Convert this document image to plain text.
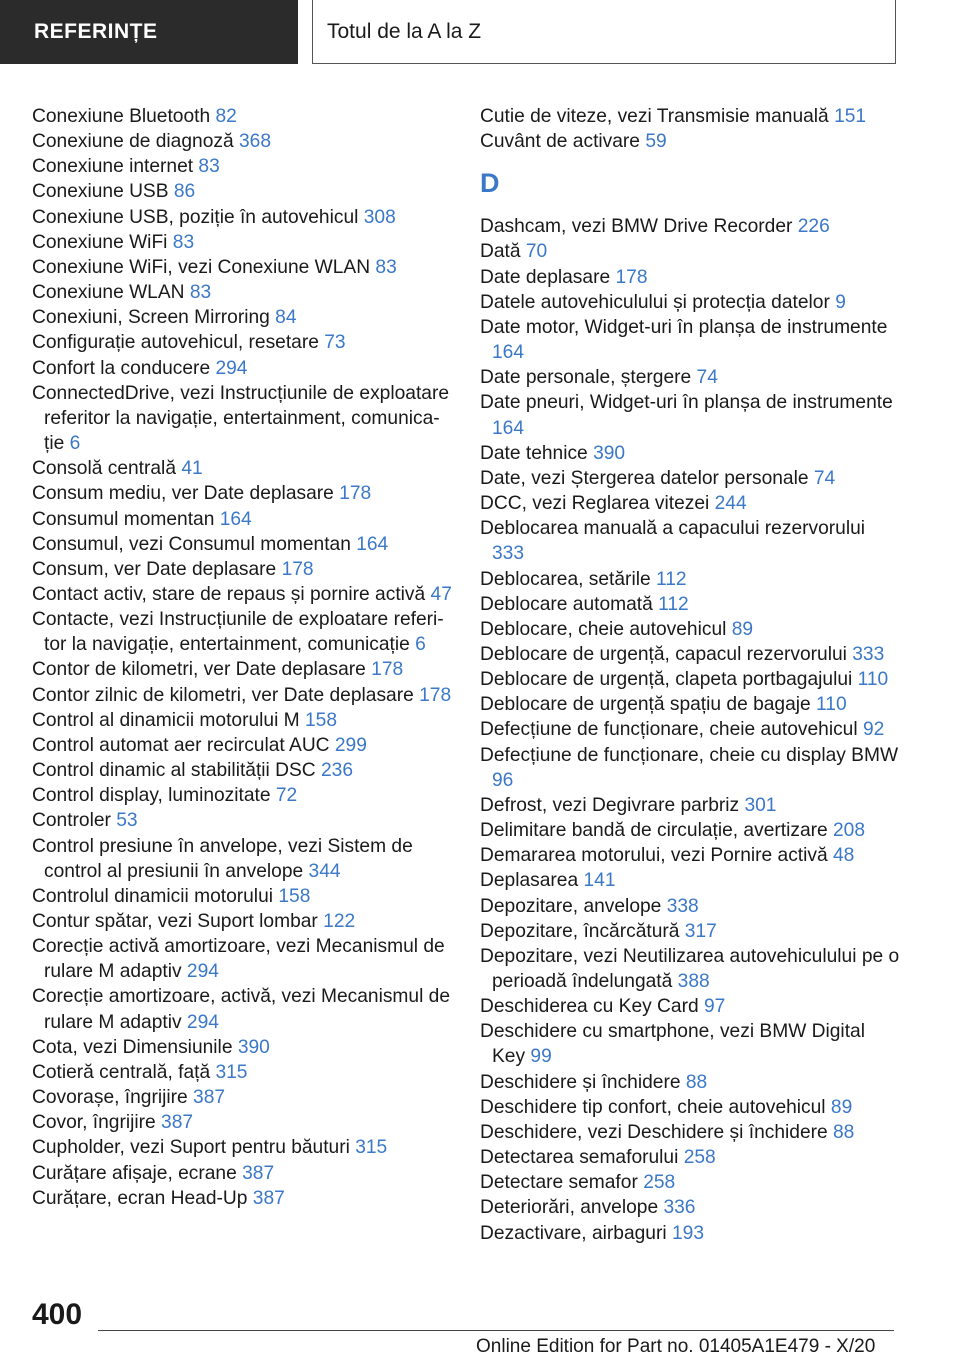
REFERINȚE	Totul de la A la Z
Conexiune Bluetooth 82
Conexiune de diagnoză 368
Conexiune internet 83
Conexiune USB 86
Conexiune USB, poziție în autovehicul 308
Conexiune WiFi 83
Conexiune WiFi, vezi Conexiune WLAN 83
Conexiune WLAN 83
Conexiuni, Screen Mirroring 84
Configurație autovehicul, resetare 73
Confort la conducere 294
ConnectedDrive, vezi Instrucțiunile de exploatare referitor la navigație, entertainment, comunicație 6
Consolă centrală 41
Consum mediu, ver Date deplasare 178
Consumul momentan 164
Consumul, vezi Consumul momentan 164
Consum, ver Date deplasare 178
Contact activ, stare de repaus și pornire activă 47
Contacte, vezi Instrucțiunile de exploatare referitor la navigație, entertainment, comunicație 6
Contor de kilometri, ver Date deplasare 178
Contor zilnic de kilometri, ver Date deplasare 178
Control al dinamicii motorului M 158
Control automat aer recirculat AUC 299
Control dinamic al stabilității DSC 236
Control display, luminozitate 72
Controler 53
Control presiune în anvelope, vezi Sistem de control al presiunii în anvelope 344
Controlul dinamicii motorului 158
Contur spătar, vezi Suport lombar 122
Corecție activă amortizoare, vezi Mecanismul de rulare M adaptiv 294
Corecție amortizoare, activă, vezi Mecanismul de rulare M adaptiv 294
Cota, vezi Dimensiunile 390
Cotieră centrală, față 315
Covorașe, îngrijire 387
Covor, îngrijire 387
Cupholder, vezi Suport pentru băuturi 315
Curățare afișaje, ecrane 387
Curățare, ecran Head-Up 387
Cutie de viteze, vezi Transmisie manuală 151
Cuvânt de activare 59
D
Dashcam, vezi BMW Drive Recorder 226
Dată 70
Date deplasare 178
Datele autovehiculului și protecția datelor 9
Date motor, Widget-uri în planșa de instrumente 164
Date personale, ștergere 74
Date pneuri, Widget-uri în planșa de instrumente 164
Date tehnice 390
Date, vezi Ștergerea datelor personale 74
DCC, vezi Reglarea vitezei 244
Deblocarea manuală a capacului rezervorului 333
Deblocarea, setările 112
Deblocare automată 112
Deblocare, cheie autovehicul 89
Deblocare de urgență, capacul rezervorului 333
Deblocare de urgență, clapeta portbagajului 110
Deblocare de urgență spațiu de bagaje 110
Defecțiune de funcționare, cheie autovehicul 92
Defecțiune de funcționare, cheie cu display BMW 96
Defrost, vezi Degivrare parbriz 301
Delimitare bandă de circulație, avertizare 208
Demararea motorului, vezi Pornire activă 48
Deplasarea 141
Depozitare, anvelope 338
Depozitare, încărcătură 317
Depozitare, vezi Neutilizarea autovehiculului pe o perioadă îndelungată 388
Deschiderea cu Key Card 97
Deschidere cu smartphone, vezi BMW Digital Key 99
Deschidere și închidere 88
Deschidere tip confort, cheie autovehicul 89
Deschidere, vezi Deschidere și închidere 88
Detectarea semaforului 258
Detectare semafor 258
Deteriorări, anvelope 336
Dezactivare, airbaguri 193
400
Online Edition for Part no. 01405A1E479 - X/20
